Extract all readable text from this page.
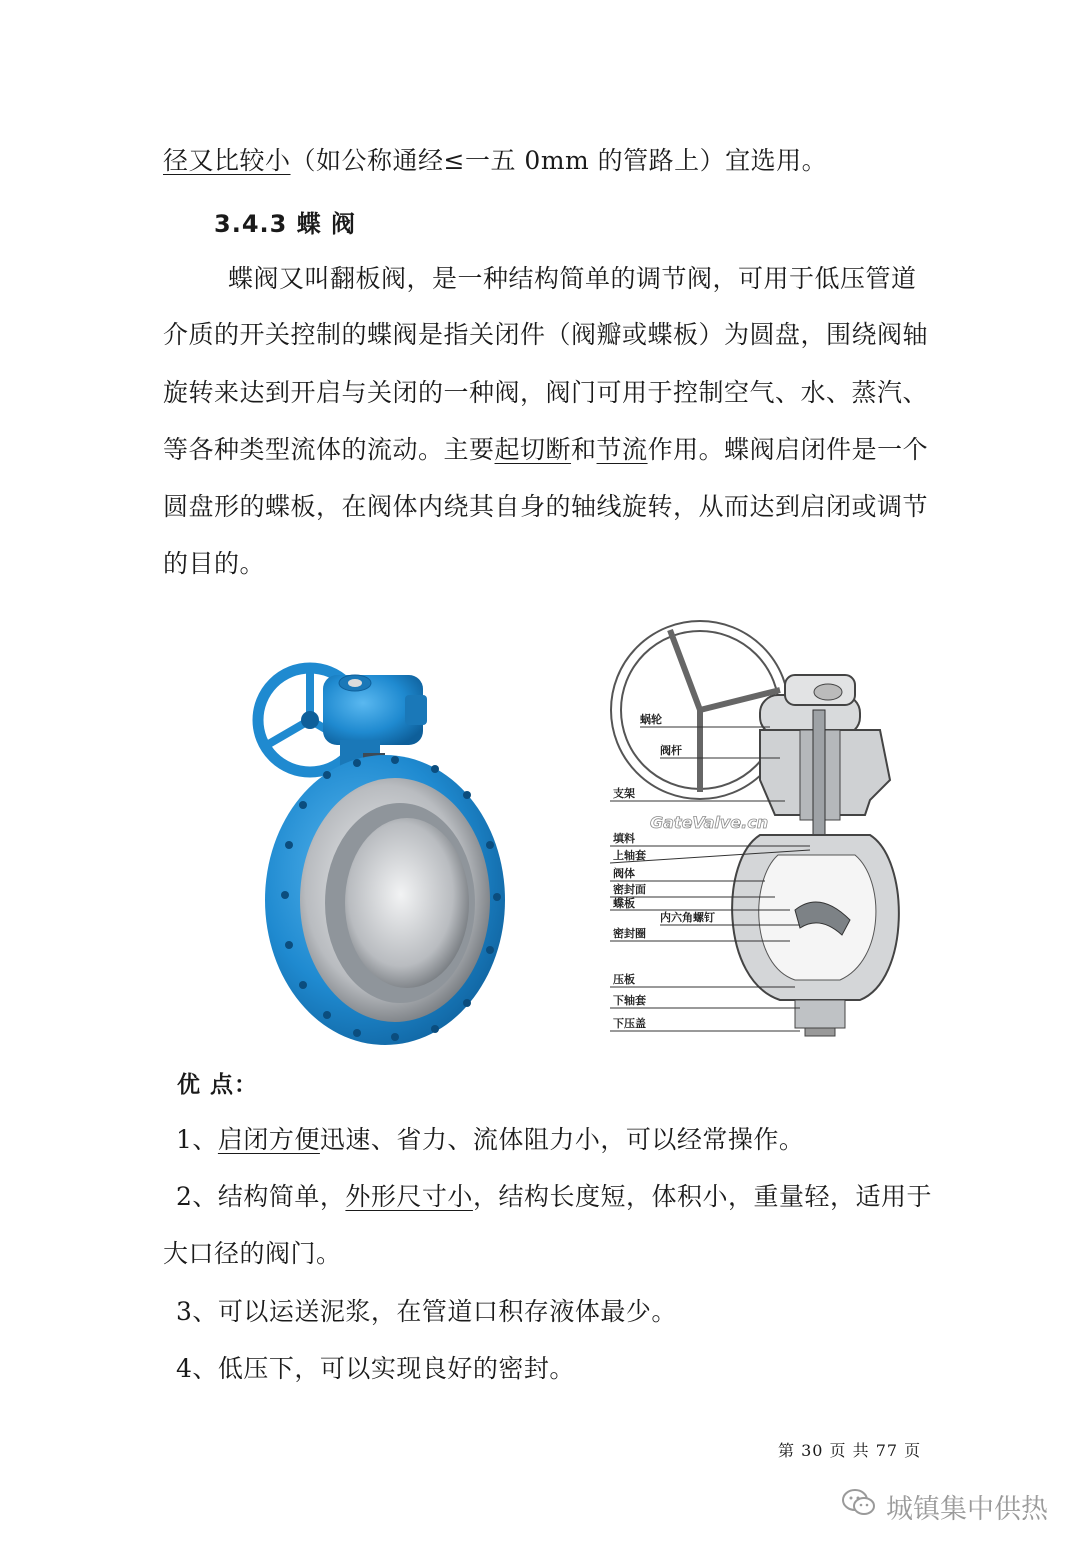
径又比较小（如公称通经≤一五 0mm 的管路上）宜选用。
3.4.3 蝶 阀
蝶阀又叫翻板阀，是一种结构简单的调节阀，可用于低压管道
介质的开关控制的蝶阀是指关闭件（阀瓣或蝶板）为圆盘，围绕阀轴
旋转来达到开启与关闭的一种阀，阀门可用于控制空气、水、蒸汽、
等各种类型流体的流动。主要起切断和节流作用。蝶阀启闭件是一个
圆盘形的蝶板，在阀体内绕其自身的轴线旋转，从而达到启闭或调节
的目的。
GateValve.cn
蜗轮
阀杆
支架
填料
上轴套
阀体
密封面
蝶板
内六角螺钉
密封圈
压板
下轴套
下压盖
优 点：
1、启闭方便迅速、省力、流体阻力小，可以经常操作。
2、结构简单，外形尺寸小，结构长度短，体积小，重量轻，适用于
大口径的阀门。
3、可以运送泥浆，在管道口积存液体最少。
4、低压下，可以实现良好的密封。
第 30 页 共 77 页
城镇集中供热
